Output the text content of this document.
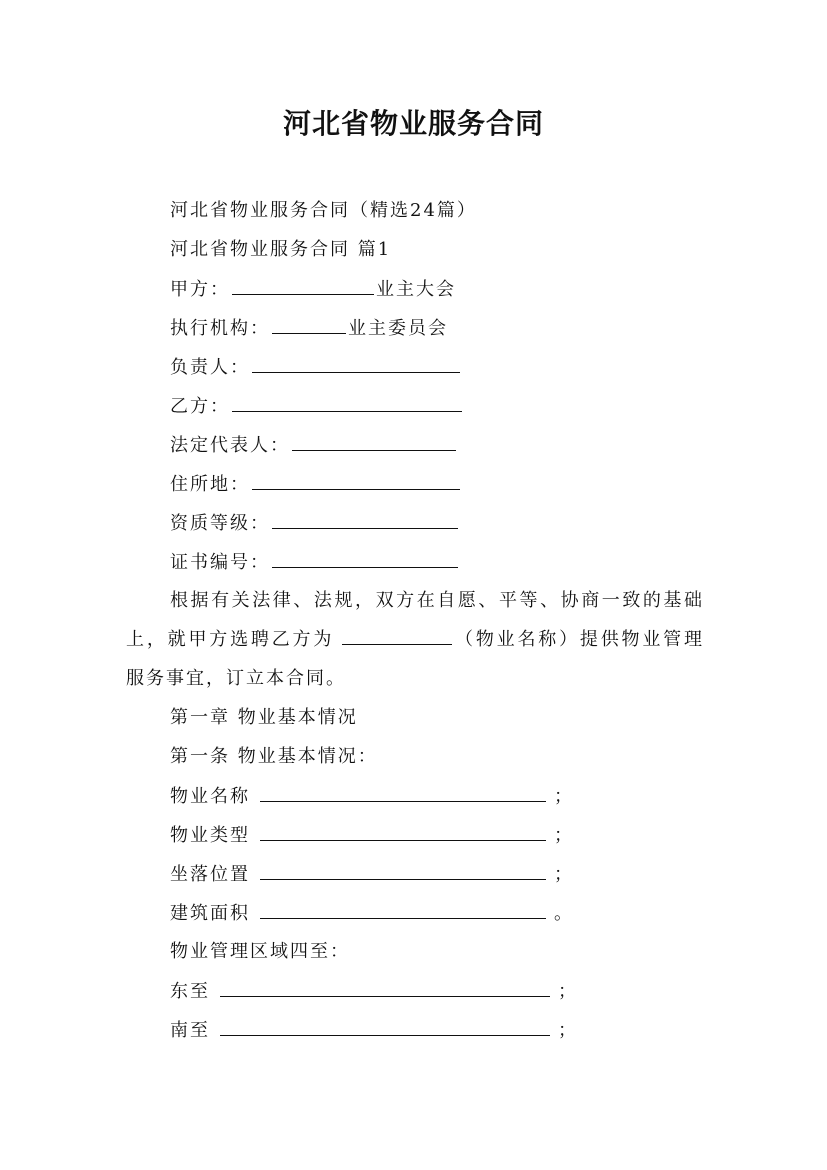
河北省物业服务合同
河北省物业服务合同（精选24篇）
河北省物业服务合同 篇1
甲方：	业主大会
执行机构：	业主委员会
负责人：
乙方：
法定代表人：
住所地：
资质等级：
证书编号：
根据有关法律、法规，双方在自愿、平等、协商一致的基础上，就甲方选聘乙方为	（物业名称）提供物业管理服务事宜，订立本合同。
第一章 物业基本情况
第一条 物业基本情况：
物业名称	；
物业类型	；
坐落位置	；
建筑面积	。
物业管理区域四至：
东至	；
南至	；
